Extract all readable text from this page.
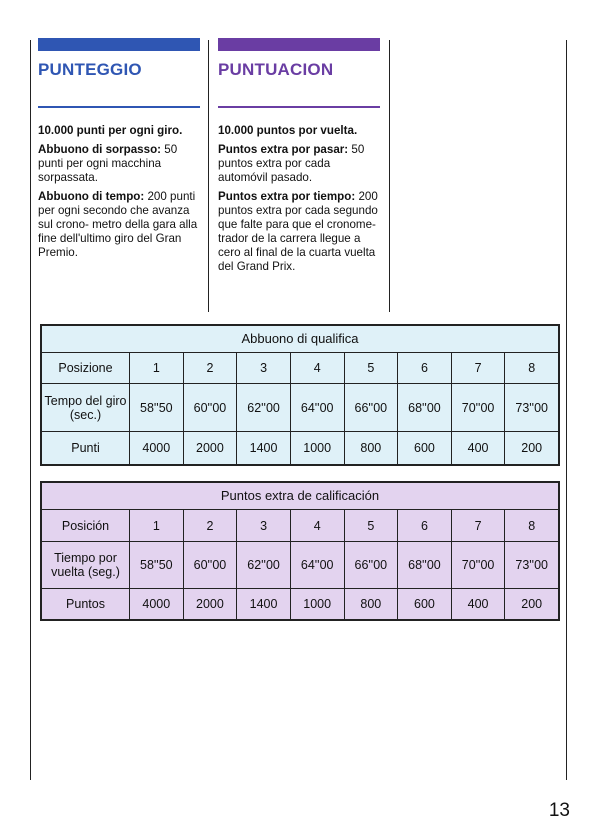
PUNTEGGIO

10.000 punti per ogni giro.

Abbuono di sorpasso: 50 punti per ogni macchina sorpassata.

Abbuono di tempo: 200 punti per ogni secondo che avanza sul crono- metro della gara alla fine dell'ultimo giro del Gran Premio.

PUNTUACION

10.000 puntos por vuelta.

Puntos extra por pasar: 50 puntos extra por cada automóvil pasado.

Puntos extra por tiempo: 200 puntos extra por cada segundo que falte para que el cronome- trador de la carrera llegue a cero al final de la cuarta vuelta del Grand Prix.

Abbuono di qualifica								
Posizione	1	2	3	4	5	6	7	8
Tempo del giro (sec.)	58''50	60''00	62''00	64''00	66''00	68''00	70''00	73''00
Punti	4000	2000	1400	1000	800	600	400	200
Puntos extra de calificación								
Posición	1	2	3	4	5	6	7	8
Tiempo por vuelta (seg.)	58''50	60''00	62''00	64''00	66''00	68''00	70''00	73''00
Puntos	4000	2000	1400	1000	800	600	400	200
13
